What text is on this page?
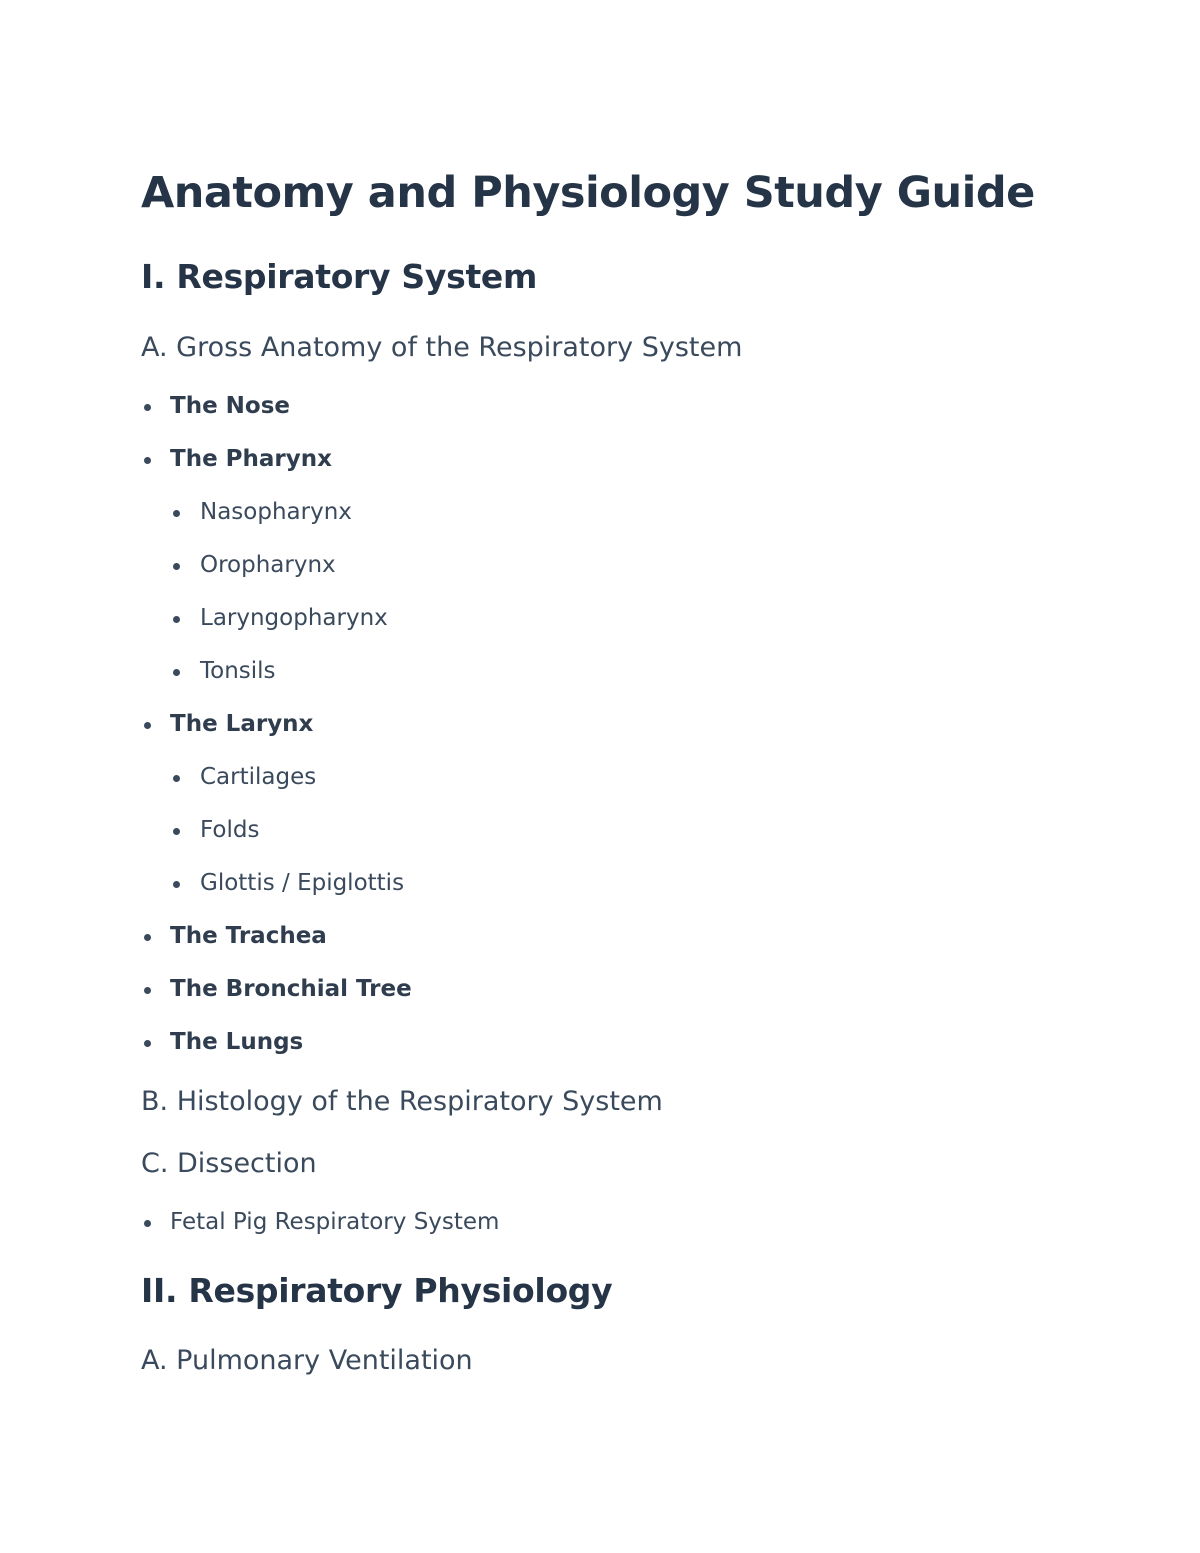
Anatomy and Physiology Study Guide
I. Respiratory System
A. Gross Anatomy of the Respiratory System
The Nose
The Pharynx
Nasopharynx
Oropharynx
Laryngopharynx
Tonsils
The Larynx
Cartilages
Folds
Glottis / Epiglottis
The Trachea
The Bronchial Tree
The Lungs
B. Histology of the Respiratory System
C. Dissection
Fetal Pig Respiratory System
II. Respiratory Physiology
A. Pulmonary Ventilation
